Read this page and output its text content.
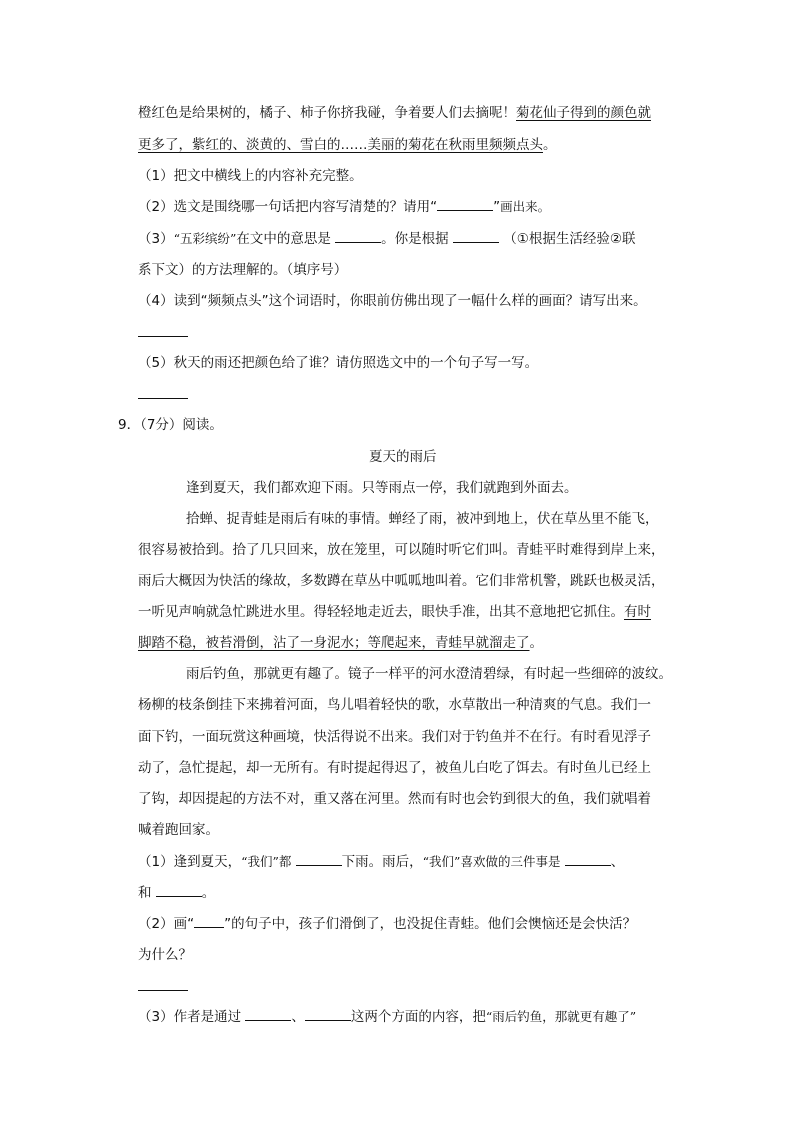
橙红色是给果树的，橘子、柿子你挤我碰，争着要人们去摘呢！菊花仙子得到的颜色就
更多了，紫红的、淡黄的、雪白的……美丽的菊花在秋雨里频频点头。
（1）把文中横线上的内容补充完整。
（2）选文是围绕哪一句话把内容写清楚的？请用“	”画出来。
（3）“五彩缤纷”在文中的意思是	。你是根据	（①根据生活经验②联
系下文）的方法理解的。（填序号）
（4）读到“频频点头”这个词语时，你眼前仿佛出现了一幅什么样的画面？请写出来。
（5）秋天的雨还把颜色给了谁？请仿照选文中的一个句子写一写。
9．（7分）阅读。
夏天的雨后
逢到夏天，我们都欢迎下雨。只等雨点一停，我们就跑到外面去。
拾蝉、捉青蛙是雨后有味的事情。蝉经了雨，被冲到地上，伏在草丛里不能飞，
很容易被拾到。拾了几只回来，放在笼里，可以随时听它们叫。青蛙平时难得到岸上来，
雨后大概因为快活的缘故，多数蹲在草丛中呱呱地叫着。它们非常机警，跳跃也极灵活，
一听见声响就急忙跳进水里。得轻轻地走近去，眼快手准，出其不意地把它抓住。有时
脚踏不稳，被苔滑倒，沾了一身泥水；等爬起来，青蛙早就溜走了。
雨后钓鱼，那就更有趣了。镜子一样平的河水澄清碧绿，有时起一些细碎的波纹。
杨柳的枝条倒挂下来拂着河面，鸟儿唱着轻快的歌，水草散出一种清爽的气息。我们一
面下钓，一面玩赏这种画境，快活得说不出来。我们对于钓鱼并不在行。有时看见浮子
动了，急忙提起，却一无所有。有时提起得迟了，被鱼儿白吃了饵去。有时鱼儿已经上
了钩，却因提起的方法不对，重又落在河里。然而有时也会钓到很大的鱼，我们就唱着
喊着跑回家。
（1）逢到夏天，“我们”都	下雨。雨后，“我们”喜欢做的三件事是	、
和	。
（2）画“ ”的句子中，孩子们滑倒了，也没捉住青蛙。他们会懊恼还是会快活？
为什么？
（3）作者是通过	、	这两个方面的内容，把“雨后钓鱼，那就更有趣了”
